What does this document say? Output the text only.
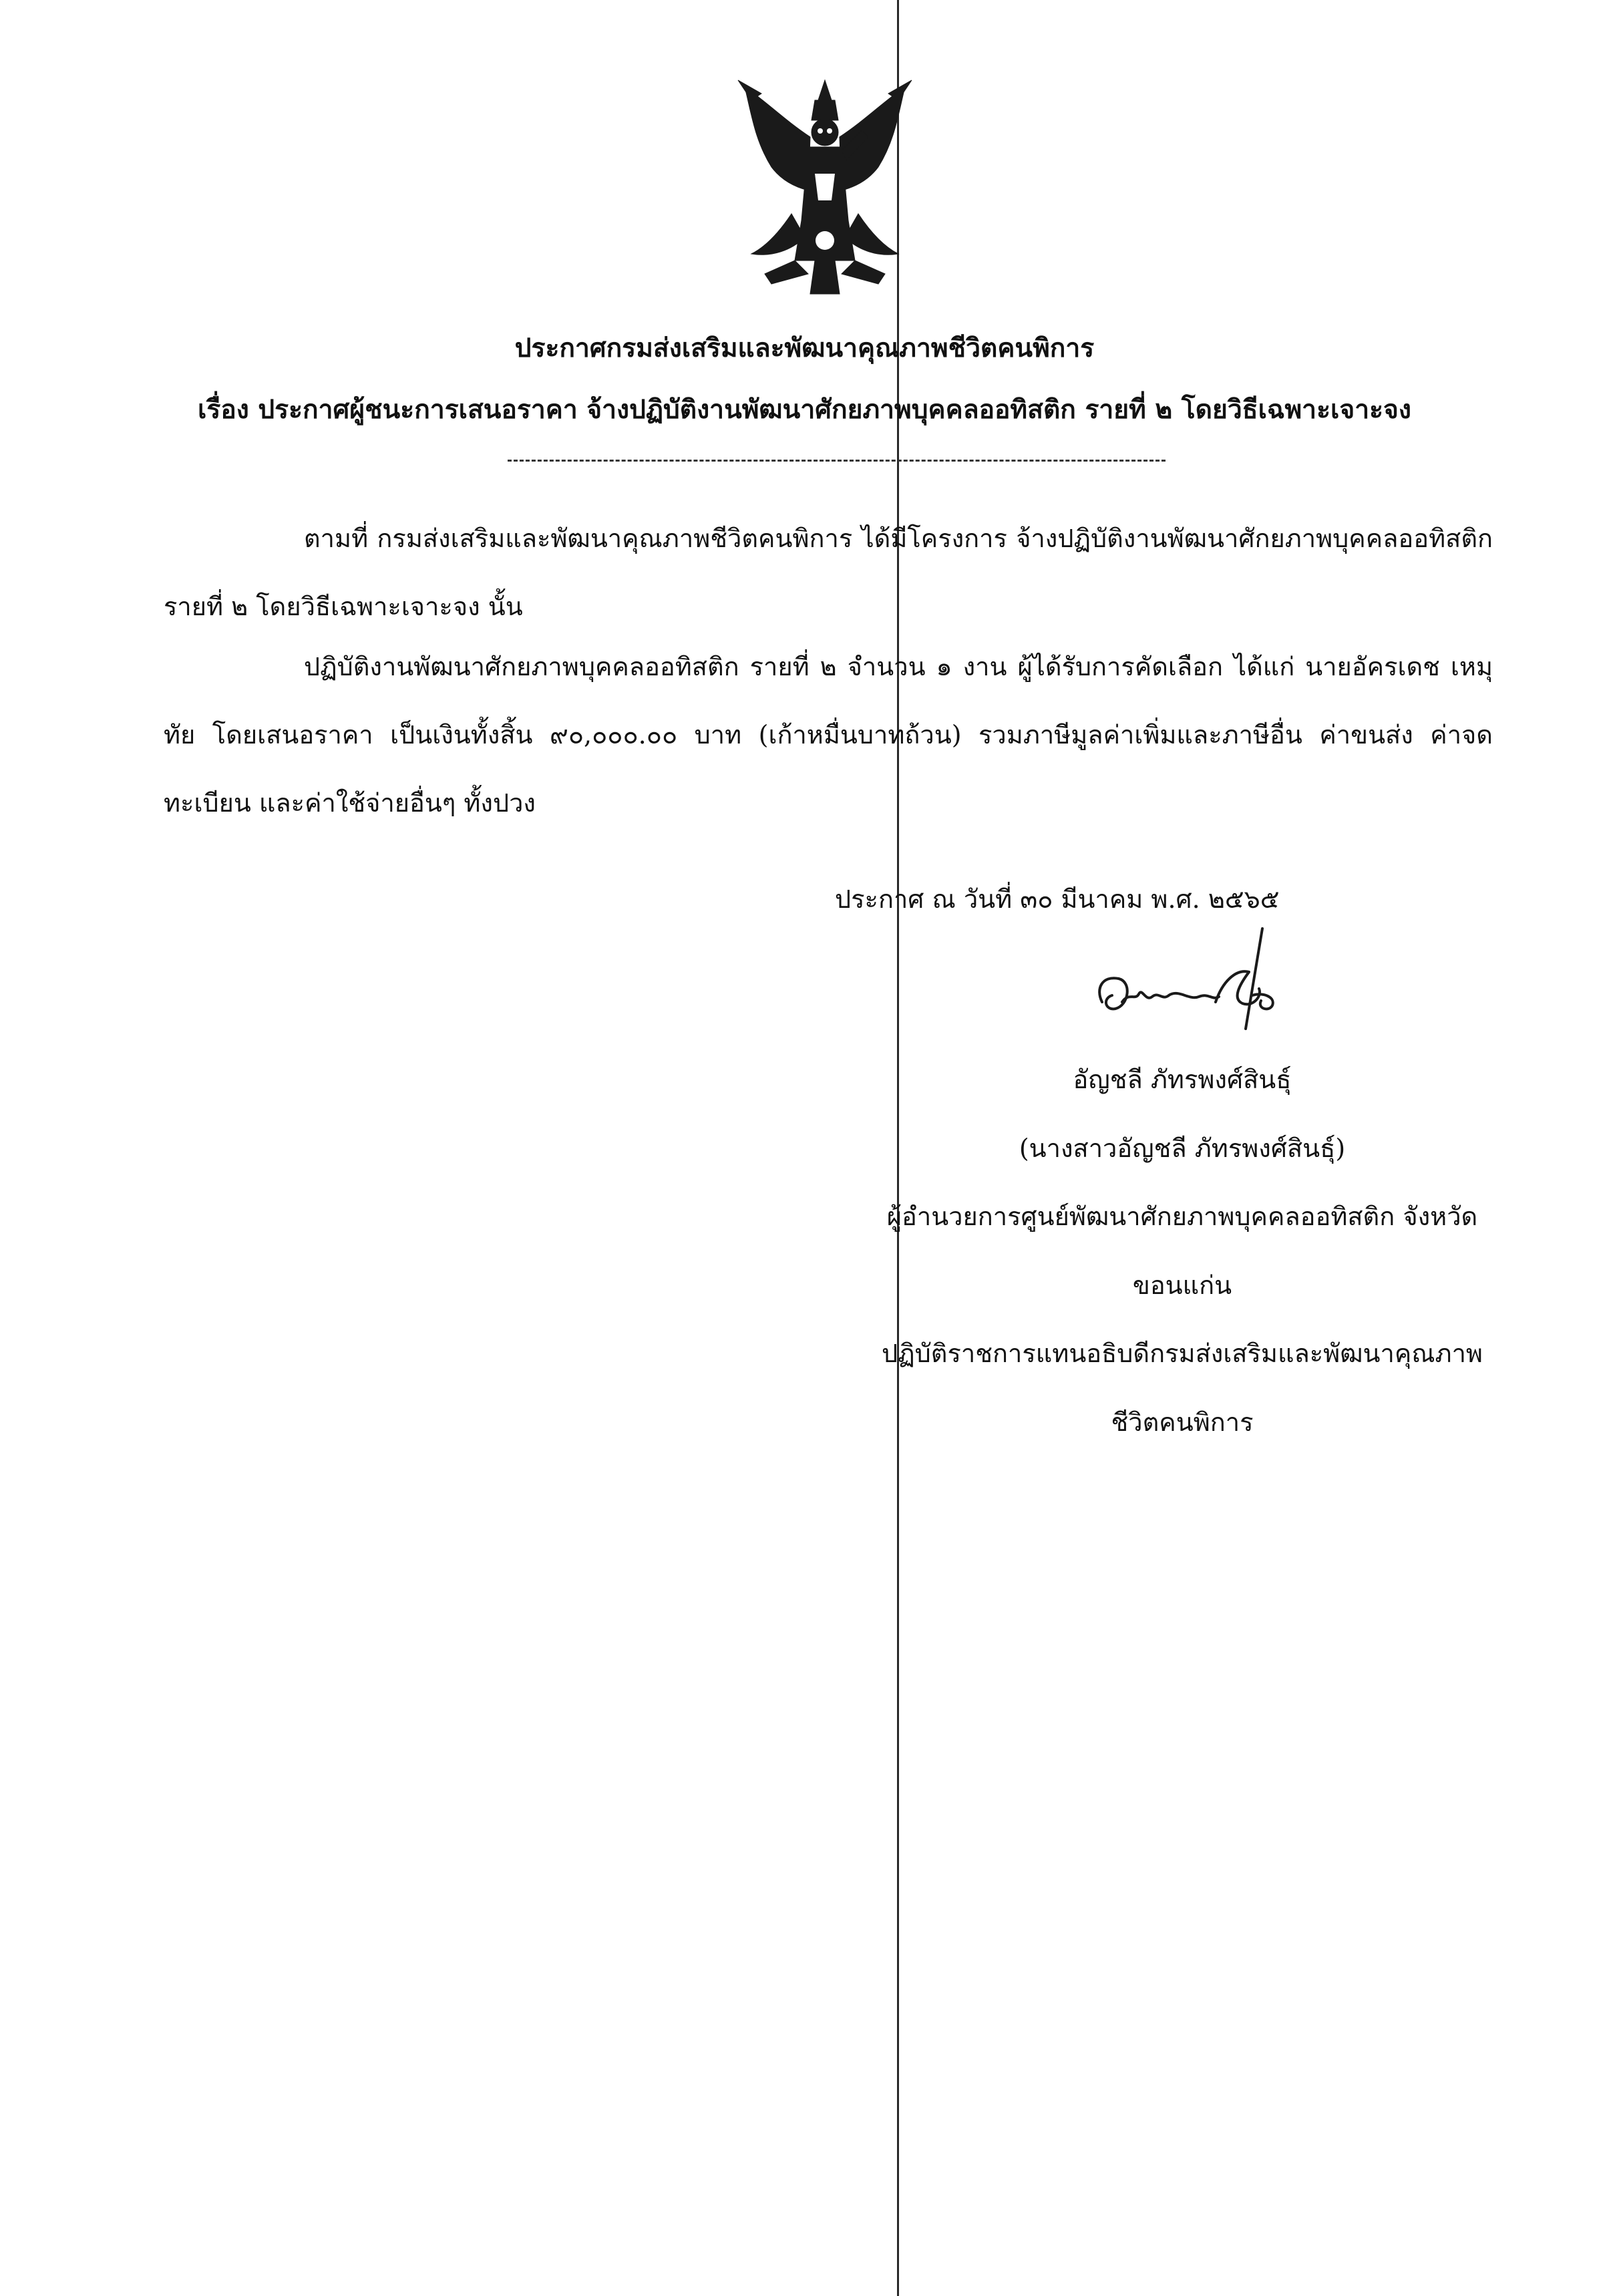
ประกาศกรมส่งเสริมและพัฒนาคุณภาพชีวิตคนพิการ
เรื่อง ประกาศผู้ชนะการเสนอราคา จ้างปฏิบัติงานพัฒนาศักยภาพบุคคลออทิสติก รายที่ ๒ โดยวิธีเฉพาะเจาะจง
ตามที่ กรมส่งเสริมและพัฒนาคุณภาพชีวิตคนพิการ ได้มีโครงการ จ้างปฏิบัติงานพัฒนาศักยภาพบุคคลออทิสติก รายที่ ๒ โดยวิธีเฉพาะเจาะจง นั้น
ปฏิบัติงานพัฒนาศักยภาพบุคคลออทิสติก รายที่ ๒ จำนวน ๑ งาน ผู้ได้รับการคัดเลือก ได้แก่ นายอัครเดช เหมุทัย โดยเสนอราคา เป็นเงินทั้งสิ้น ๙๐,๐๐๐.๐๐ บาท (เก้าหมื่นบาทถ้วน) รวมภาษีมูลค่าเพิ่มและภาษีอื่น ค่าขนส่ง ค่าจดทะเบียน และค่าใช้จ่ายอื่นๆ ทั้งปวง
ประกาศ ณ วันที่ ๓๐ มีนาคม พ.ศ. ๒๕๖๕
อัญชลี ภัทรพงศ์สินธุ์
(นางสาวอัญชลี ภัทรพงศ์สินธุ์)
ผู้อำนวยการศูนย์พัฒนาศักยภาพบุคคลออทิสติก จังหวัด
ขอนแก่น
ปฏิบัติราชการแทนอธิบดีกรมส่งเสริมและพัฒนาคุณภาพ
ชีวิตคนพิการ
